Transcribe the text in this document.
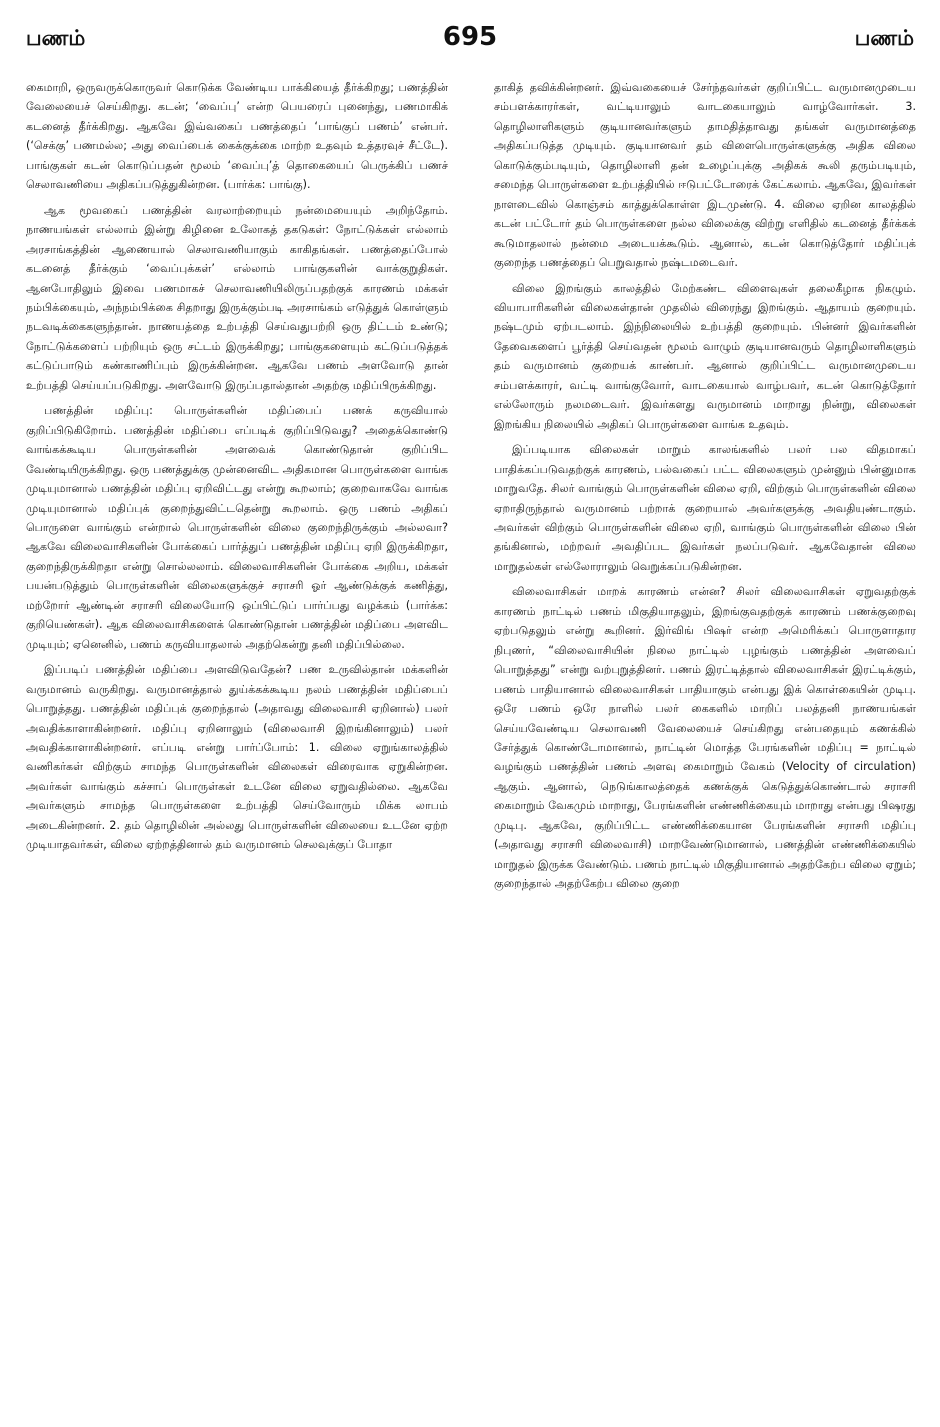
பணம்	695	பணம்

கைமாறி, ஒருவருக்கொருவர் கொடுக்க வேண்டிய பாக்கியைத் தீர்க்கிறது; பணத்தின் வேலையைச் செய்கிறது. கடன்; ‘வைப்பு’ என்ற பெயரைப் புனைந்து, பணமாகிக் கடனைத் தீர்க்கிறது. ஆகவே இவ்வகைப் பணத்தைப் ‘பாங்குப் பணம்’ என்பர். (‘செக்கு’ பணமல்ல; அது வைப்பைக் கைக்குக்கை மாற்ற உதவும் உத்தரவுச் சீட்டே). பாங்குகள் கடன் கொடுப்பதன் மூலம் ‘வைப்பு’த் தொகையைப் பெருக்கிப் பணச் செலாவணியை அதிகப்படுத்துகின்றன. (பார்க்க: பாங்கு).

ஆக மூவகைப் பணத்தின் வரலாற்றையும் நன்மையையும் அறிந்தோம். நாணயங்கள் எல்லாம் இன்று கிழினை உலோகத் தகடுகள்: நோட்டுக்கள் எல்லாம் அரசாங்கத்தின் ஆணையால் செலாவணியாகும் காகிதங்கள். பணத்தைப்போல் கடனைத் தீர்க்கும் ‘வைப்புக்கள்’ எல்லாம் பாங்குகளின் வாக்குறுதிகள். ஆனபோதிலும் இவை பணமாகச் செலாவணியிலிருப்பதற்குக் காரணம் மக்கள் நம்பிக்கையும், அந்நம்பிக்கை சிதறாது இருக்கும்படி அரசாங்கம் எடுத்துக் கொள்ளும் நடவடிக்கைகளுந்தான். நாணயத்தை உற்பத்தி செய்வதுபற்றி ஒரு திட்டம் உண்டு; நோட்டுக்களைப் பற்றியும் ஒரு சட்டம் இருக்கிறது; பாங்குகளையும் கட்டுப்படுத்தக் கட்டுப்பாடும் கண்காணிப்பும் இருக்கின்றன. ஆகவே பணம் அளவோடு தான் உற்பத்தி செய்யப்படுகிறது. அளவோடு இருப்பதால்தான் அதற்கு மதிப்பிருக்கிறது.

பணத்தின் மதிப்பு: பொருள்களின் மதிப்பைப் பணக் கருவியால் குறிப்பிடுகிறோம். பணத்தின் மதிப்பை எப்படிக் குறிப்பிடுவது? அதைக்கொண்டு வாங்கக்கூடிய பொருள்களின் அளவைக் கொண்டுதான் குறிப்பிட வேண்டியிருக்கிறது. ஒரு பணத்துக்கு முன்னைவிட அதிகமான பொருள்களை வாங்க முடியுமானால் பணத்தின் மதிப்பு ஏறிவிட்டது என்று கூறலாம்; குறைவாகவே வாங்க முடியுமானால் மதிப்புக் குறைந்துவிட்டதென்று கூறலாம். ஒரு பணம் அதிகப் பொருளை வாங்கும் என்றால் பொருள்களின் விலை குறைந்திருக்கும் அல்லவா? ஆகவே விலைவாசிகளின் போக்கைப் பார்த்துப் பணத்தின் மதிப்பு ஏறி இருக்கிறதா, குறைந்திருக்கிறதா என்று சொல்லலாம். விலைவாசிகளின் போக்கை அறிய, மக்கள் பயன்படுத்தும் பொருள்களின் விலைகளுக்குச் சராசரி ஓர் ஆண்டுக்குக் கணித்து, மற்றோர் ஆண்டின் சராசரி விலையோடு ஒப்பிட்டுப் பார்ப்பது வழக்கம் (பார்க்க: குறியெண்கள்). ஆக விலைவாசிகளைக் கொண்டுதான் பணத்தின் மதிப்பை அளவிட முடியும்; ஏனெனில், பணம் கருவியாதலால் அதற்கென்று தனி மதிப்பில்லை.

இப்படிப் பணத்தின் மதிப்பை அளவிடுவதேன்? பண உருவில்தான் மக்களின் வருமானம் வருகிறது. வருமானத்தால் துய்க்கக்கூடிய நலம் பணத்தின் மதிப்பைப் பொறுத்தது. பணத்தின் மதிப்புக் குறைந்தால் (அதாவது விலைவாசி ஏறினால்) பலர் அவதிக்காளாகின்றனர். மதிப்பு ஏறினாலும் (விலைவாசி இறங்கினாலும்) பலர் அவதிக்காளாகின்றனர். எப்படி என்று பார்ப்போம்: 1. விலை ஏறுங்காலத்தில் வணிகர்கள் விற்கும் சாமந்த பொருள்களின் விலைகள் விரைவாக ஏறுகின்றன. அவர்கள் வாங்கும் கச்சாப் பொருள்கள் உடனே விலை ஏறுவதில்லை. ஆகவே அவர்களும் சாமந்த பொருள்களை உற்பத்தி செய்வோரும் மிக்க லாபம் அடைகின்றனர். 2. தம் தொழிலின் அல்லது பொருள்களின் விலையை உடனே ஏற்ற முடியாதவர்கள், விலை ஏற்றத்தினால் தம் வருமானம் செலவுக்குப் போதா

தாகித் தவிக்கின்றனர். இவ்வகையைச் சேர்ந்தவர்கள் குறிப்பிட்ட வருமானமுடைய சம்பளக்காரர்கள், வட்டியாலும் வாடகையாலும் வாழ்வோர்கள். 3. தொழிலாளிகளும் குடியானவர்களும் தாமதித்தாவது தங்கள் வருமானத்தை அதிகப்படுத்த முடியும். குடியானவர் தம் விளைபொருள்களுக்கு அதிக விலை கொடுக்கும்படியும், தொழிலாளி தன் உழைப்புக்கு அதிகக் கூலி தரும்படியும், சமைந்த பொருள்களை உற்பத்தியில் ஈடுபட்டோரைக் கேட்கலாம். ஆகவே, இவர்கள் நாளடைவில் கொஞ்சம் காத்துக்கொள்ள இடமுண்டு. 4. விலை ஏறின காலத்தில் கடன் பட்டோர் தம் பொருள்களை நல்ல விலைக்கு விற்று எளிதில் கடனைத் தீர்க்கக் கூடுமாதலால் நன்மை அடையக்கூடும். ஆனால், கடன் கொடுத்தோர் மதிப்புக் குறைந்த பணத்தைப் பெறுவதால் நஷ்டமடைவர்.

விலை இறங்கும் காலத்தில் மேற்கண்ட விளைவுகள் தலைகீழாக நிகழும். வியாபாரிகளின் விலைகள்தான் முதலில் விரைந்து இறங்கும். ஆதாயம் குறையும். நஷ்டமும் ஏற்படலாம். இந்நிலையில் உற்பத்தி குறையும். பின்னர் இவர்களின் தேவைகளைப் பூர்த்தி செய்வதன் மூலம் வாழும் குடியானவரும் தொழிலாளிகளும் தம் வருமானம் குறையக் காண்பர். ஆனால் குறிப்பிட்ட வருமானமுடைய சம்பளக்காரர், வட்டி வாங்குவோர், வாடகையால் வாழ்பவர், கடன் கொடுத்தோர் எல்லோரும் நலமடைவர். இவர்களது வருமானம் மாறாது நின்று, விலைகள் இறங்கிய நிலையில் அதிகப் பொருள்களை வாங்க உதவும்.

இப்படியாக விலைகள் மாறும் காலங்களில் பலர் பல விதமாகப் பாதிக்கப்படுவதற்குக் காரணம், பல்வகைப் பட்ட விலைகளும் முன்னும் பின்னுமாக மாறுவதே. சிலர் வாங்கும் பொருள்களின் விலை ஏறி, விற்கும் பொருள்களின் விலை ஏறாதிருந்தால் வருமானம் பற்றாக் குறையால் அவர்களுக்கு அவதியுண்டாகும். அவர்கள் விற்கும் பொருள்களின் விலை ஏறி, வாங்கும் பொருள்களின் விலை பின் தங்கினால், மற்றவர் அவதிப்பட இவர்கள் நலப்படுவர். ஆகவேதான் விலை மாறுதல்கள் எல்லோராலும் வெறுக்கப்படுகின்றன.

விலைவாசிகள் மாறக் காரணம் என்ன? சிலர் விலைவாசிகள் ஏறுவதற்குக் காரணம் நாட்டில் பணம் மிகுதியாதலும், இறங்குவதற்குக் காரணம் பணக்குறைவு ஏற்படுதலும் என்று கூறினர். இர்விங் பிஷர் என்ற அமெரிக்கப் பொருளாதார நிபுணர், “விலைவாசியின் நிலை நாட்டில் புழங்கும் பணத்தின் அளவைப் பொறுத்தது” என்று வற்புறுத்தினர். பணம் இரட்டித்தால் விலைவாசிகள் இரட்டிக்கும், பணம் பாதியானால் விலைவாசிகள் பாதியாகும் என்பது இக் கொள்கையின் முடிபு. ஒரே பணம் ஒரே நாளில் பலர் கைகளில் மாறிப் பலத்தனி நாணயங்கள் செய்யவேண்டிய செலாவணி வேலையைச் செய்கிறது என்பதையும் கணக்கில் சேர்த்துக் கொண்டோமானால், நாட்டின் மொத்த பேரங்களின் மதிப்பு = நாட்டில் வழங்கும் பணத்தின் பணம் அளவு கைமாறும் வேகம் (Velocity of circulation) ஆகும். ஆனால், நெடுங்காலத்தைக் கணக்குக் கெடுத்துக்கொண்டால் சராசரி கைமாறும் வேகமும் மாறாது, பேரங்களின் எண்ணிக்கையும் மாறாது என்பது பிஷரது முடிபு. ஆகவே, குறிப்பிட்ட எண்ணிக்கையான பேரங்களின் சராசரி மதிப்பு (அதாவது சராசரி விலைவாசி) மாறவேண்டுமானால், பணத்தின் எண்ணிக்கையில் மாறுதல் இருக்க வேண்டும். பணம் நாட்டில் மிகுதியானால் அதற்கேற்ப விலை ஏறும்; குறைந்தால் அதற்கேற்ப விலை குறை
